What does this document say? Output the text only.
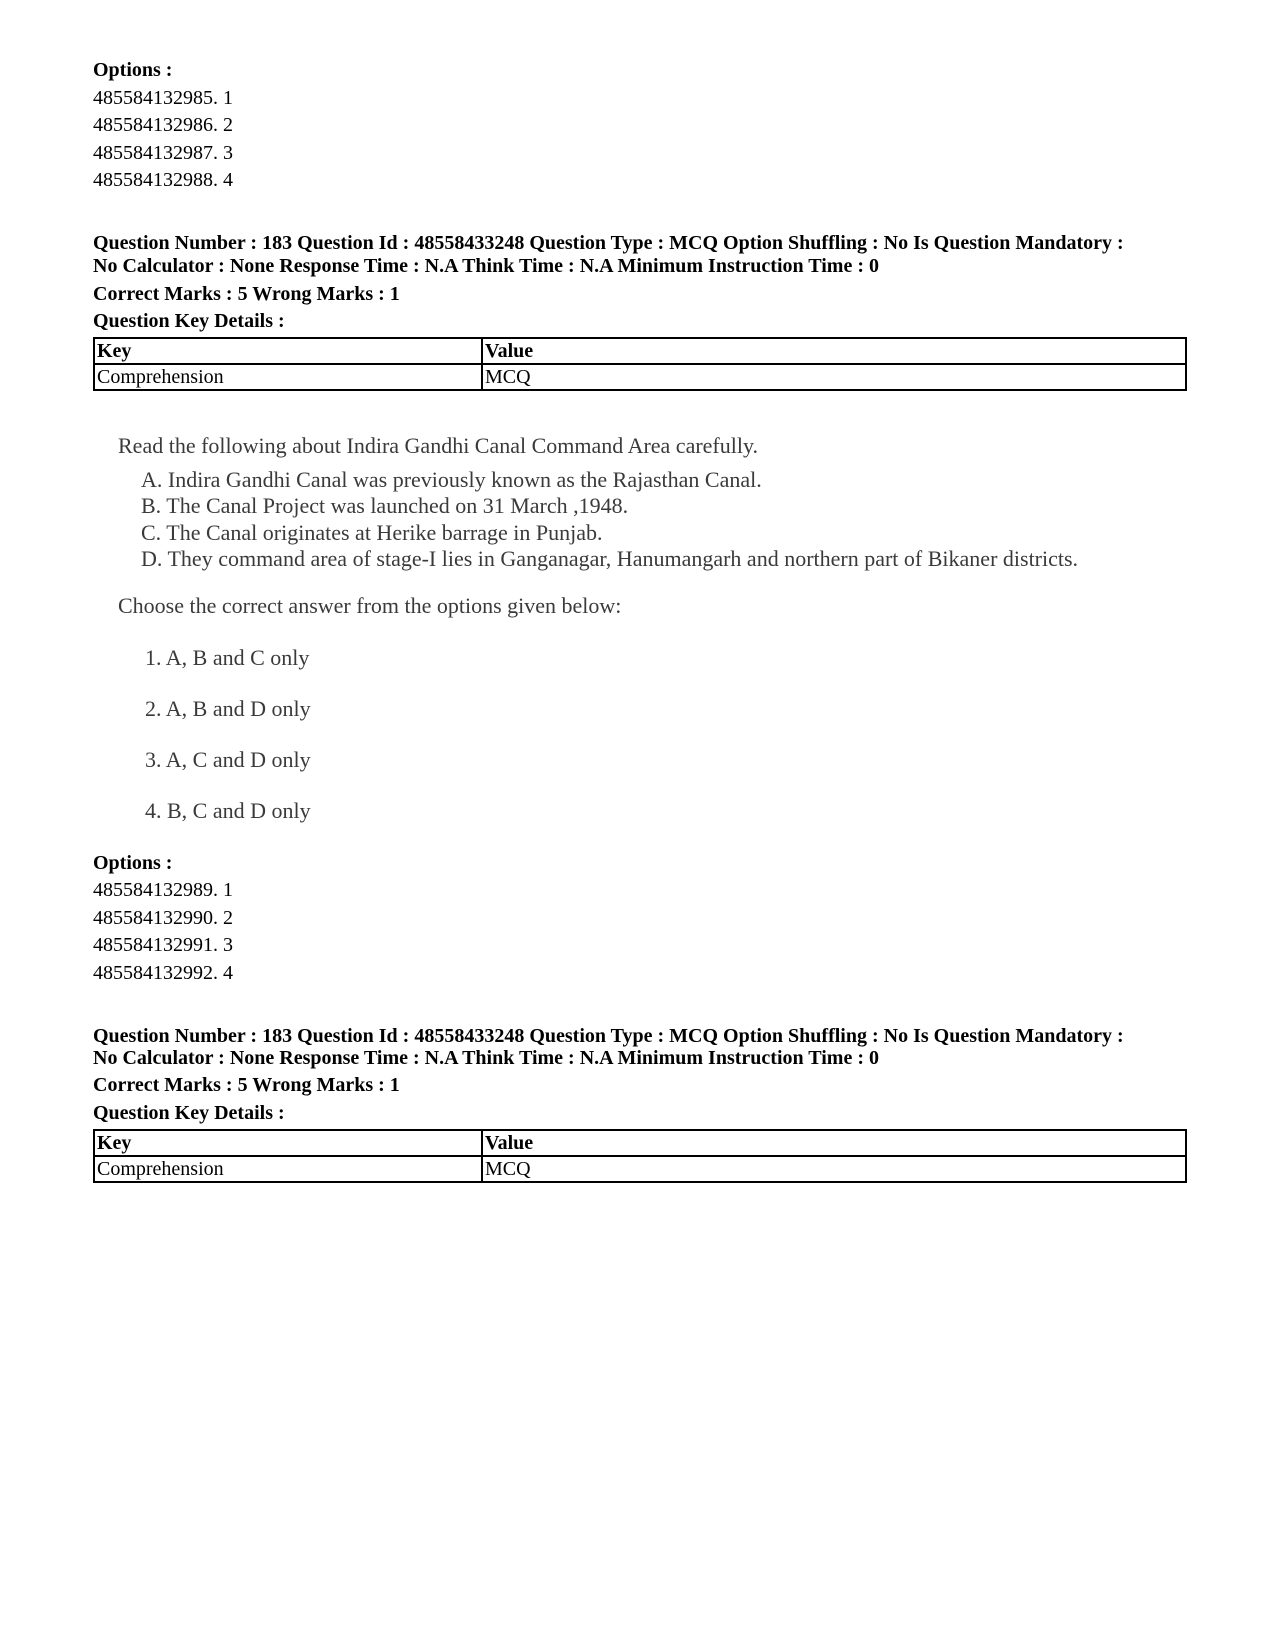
Options :
485584132985. 1
485584132986. 2
485584132987. 3
485584132988. 4
Question Number : 183 Question Id : 48558433248 Question Type : MCQ Option Shuffling : No Is Question Mandatory :
No Calculator : None Response Time : N.A Think Time : N.A Minimum Instruction Time : 0
Correct Marks : 5 Wrong Marks : 1
Question Key Details :
Key	Value
Comprehension	MCQ
Read the following about Indira Gandhi Canal Command Area carefully.
A. Indira Gandhi Canal was previously known as the Rajasthan Canal.
B. The Canal Project was launched on 31 March ,1948.
C. The Canal originates at Herike barrage in Punjab.
D. They command area of stage-I lies in Ganganagar, Hanumangarh and northern part of Bikaner districts.
Choose the correct answer from the options given below:
1. A, B and C only
2. A, B and D only
3. A, C and D only
4. B, C and D only
Options :
485584132989. 1
485584132990. 2
485584132991. 3
485584132992. 4
Question Number : 183 Question Id : 48558433248 Question Type : MCQ Option Shuffling : No Is Question Mandatory :
No Calculator : None Response Time : N.A Think Time : N.A Minimum Instruction Time : 0
Correct Marks : 5 Wrong Marks : 1
Question Key Details :
Key	Value
Comprehension	MCQ
